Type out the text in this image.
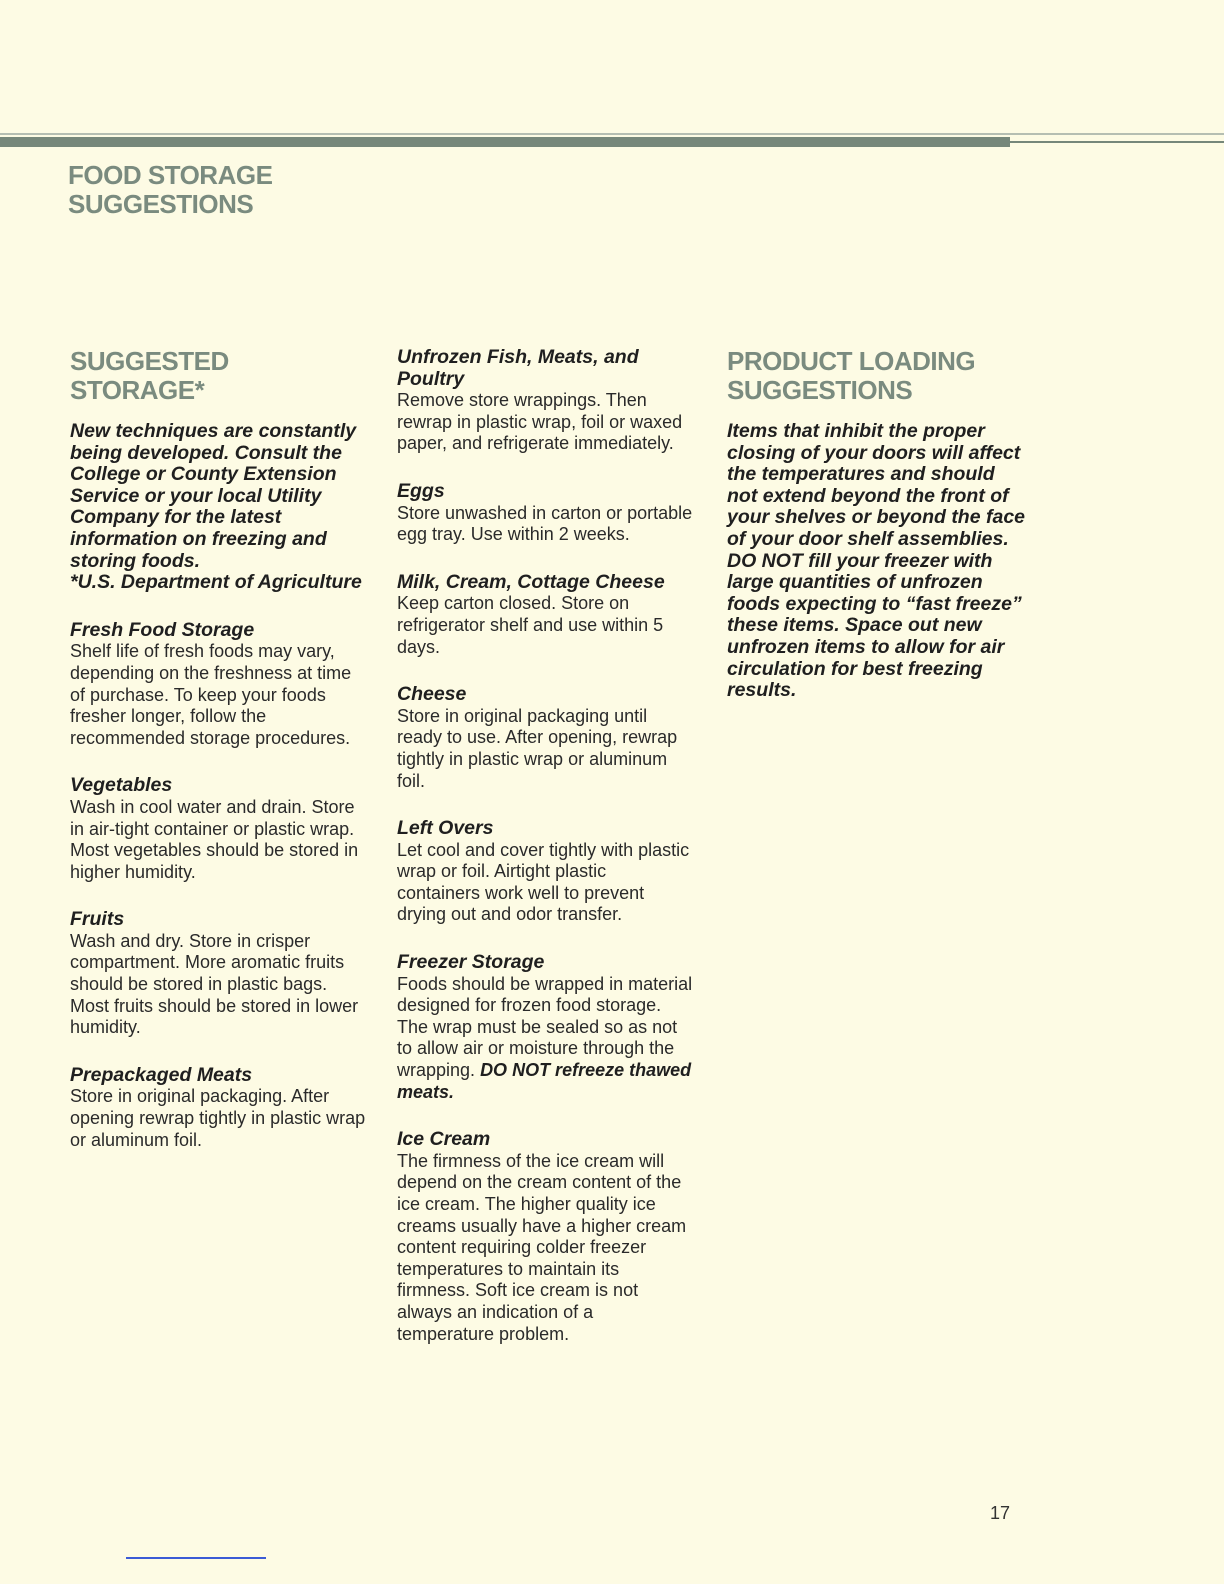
FOOD STORAGE
SUGGESTIONS
SUGGESTED
STORAGE*
New techniques are constantly being developed. Consult the College or County Extension Service or your local Utility Company for the latest information on freezing and storing foods.
*U.S. Department of Agriculture
Fresh Food Storage

Shelf life of fresh foods may vary, depending on the freshness at time of purchase. To keep your foods fresher longer, follow the recommended storage procedures.

Vegetables

Wash in cool water and drain. Store in air-tight container or plastic wrap. Most vegetables should be stored in higher humidity.

Fruits

Wash and dry. Store in crisper compartment. More aromatic fruits should be stored in plastic bags. Most fruits should be stored in lower humidity.

Prepackaged Meats

Store in original packaging. After opening rewrap tightly in plastic wrap or aluminum foil.

Unfrozen Fish, Meats, and Poultry

Remove store wrappings. Then rewrap in plastic wrap, foil or waxed paper, and refrigerate immediately.

Eggs

Store unwashed in carton or portable egg tray. Use within 2 weeks.

Milk, Cream, Cottage Cheese

Keep carton closed. Store on refrigerator shelf and use within 5 days.

Cheese

Store in original packaging until ready to use. After opening, rewrap tightly in plastic wrap or aluminum foil.

Left Overs

Let cool and cover tightly with plastic wrap or foil. Airtight plastic containers work well to prevent drying out and odor transfer.

Freezer Storage

Foods should be wrapped in material designed for frozen food storage. The wrap must be sealed so as not to allow air or moisture through the wrapping. DO NOT refreeze thawed meats.

Ice Cream

The firmness of the ice cream will depend on the cream content of the ice cream. The higher quality ice creams usually have a higher cream content requiring colder freezer temperatures to maintain its firmness. Soft ice cream is not always an indication of a temperature problem.

PRODUCT LOADING
SUGGESTIONS
Items that inhibit the proper closing of your doors will affect the temperatures and should not extend beyond the front of your shelves or beyond the face of your door shelf assemblies. DO NOT fill your freezer with large quantities of unfrozen foods expecting to “fast freeze” these items. Space out new unfrozen items to allow for air circulation for best freezing results.
17
